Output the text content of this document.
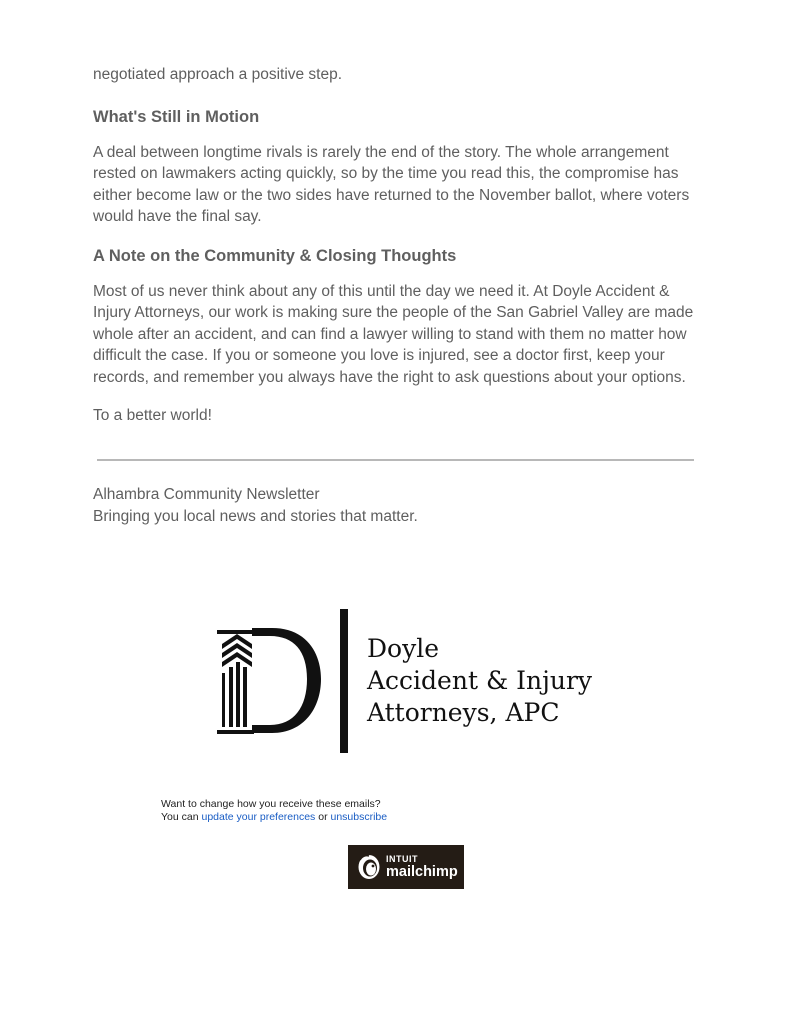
negotiated approach a positive step.

What's Still in Motion

A deal between longtime rivals is rarely the end of the story. The whole arrangement rested on lawmakers acting quickly, so by the time you read this, the compromise has either become law or the two sides have returned to the November ballot, where voters would have the final say.

A Note on the Community & Closing Thoughts

Most of us never think about any of this until the day we need it. At Doyle Accident & Injury Attorneys, our work is making sure the people of the San Gabriel Valley are made whole after an accident, and can find a lawyer willing to stand with them no matter how difficult the case. If you or someone you love is injured, see a doctor first, keep your records, and remember you always have the right to ask questions about your options.

To a better world!

Alhambra Community Newsletter
Bringing you local news and stories that matter.
Doyle
Accident & Injury
Attorneys, APC
Want to change how you receive these emails?
You can update your preferences or unsubscribe
INTUIT
mailchimp
